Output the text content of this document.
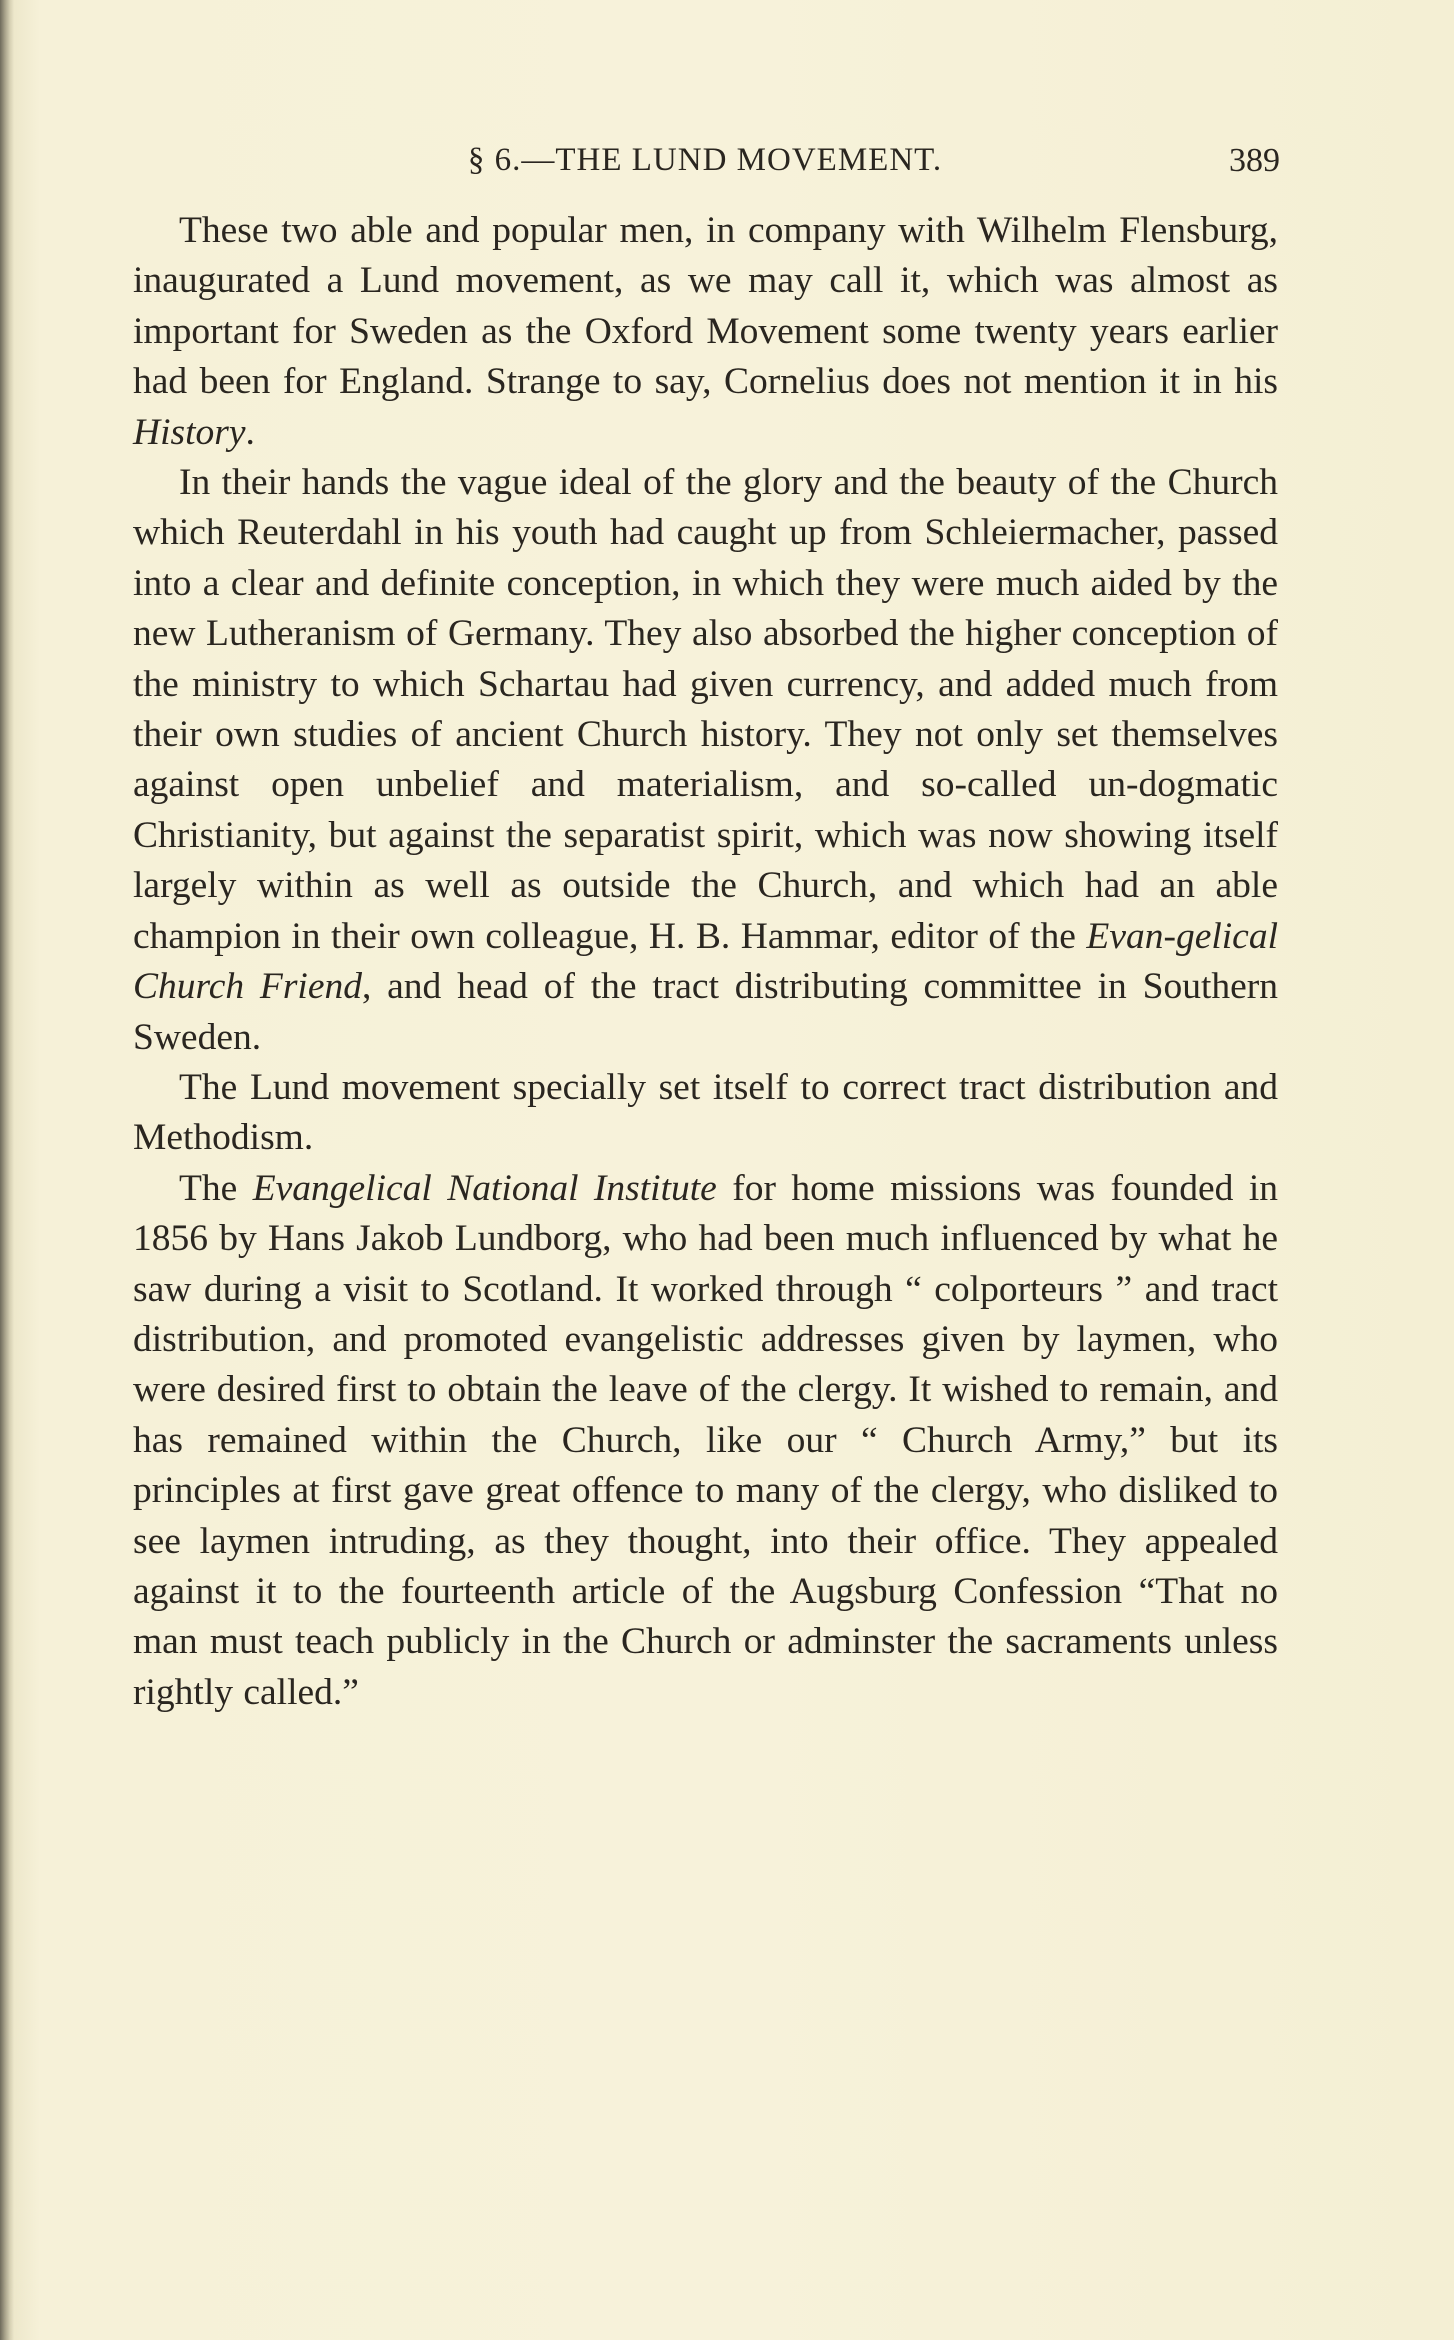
§ 6.—THE LUND MOVEMENT.	389

These two able and popular men, in company with Wilhelm Flensburg, inaugurated a Lund movement, as we may call it, which was almost as important for Sweden as the Oxford Movement some twenty years earlier had been for England. Strange to say, Cornelius does not mention it in his History.

In their hands the vague ideal of the glory and the beauty of the Church which Reuterdahl in his youth had caught up from Schleiermacher, passed into a clear and definite conception, in which they were much aided by the new Lutheranism of Germany. They also absorbed the higher conception of the ministry to which Schartau had given currency, and added much from their own studies of ancient Church history. They not only set themselves against open unbelief and materialism, and so-called un-dogmatic Christianity, but against the separatist spirit, which was now showing itself largely within as well as outside the Church, and which had an able champion in their own colleague, H. B. Hammar, editor of the Evan-gelical Church Friend, and head of the tract distributing committee in Southern Sweden.

The Lund movement specially set itself to correct tract distribution and Methodism.

The Evangelical National Institute for home missions was founded in 1856 by Hans Jakob Lundborg, who had been much influenced by what he saw during a visit to Scotland. It worked through “ colporteurs ” and tract distribution, and promoted evangelistic addresses given by laymen, who were desired first to obtain the leave of the clergy. It wished to remain, and has remained within the Church, like our “ Church Army,” but its principles at first gave great offence to many of the clergy, who disliked to see laymen intruding, as they thought, into their office. They appealed against it to the fourteenth article of the Augsburg Confession “That no man must teach publicly in the Church or adminster the sacraments unless rightly called.”
